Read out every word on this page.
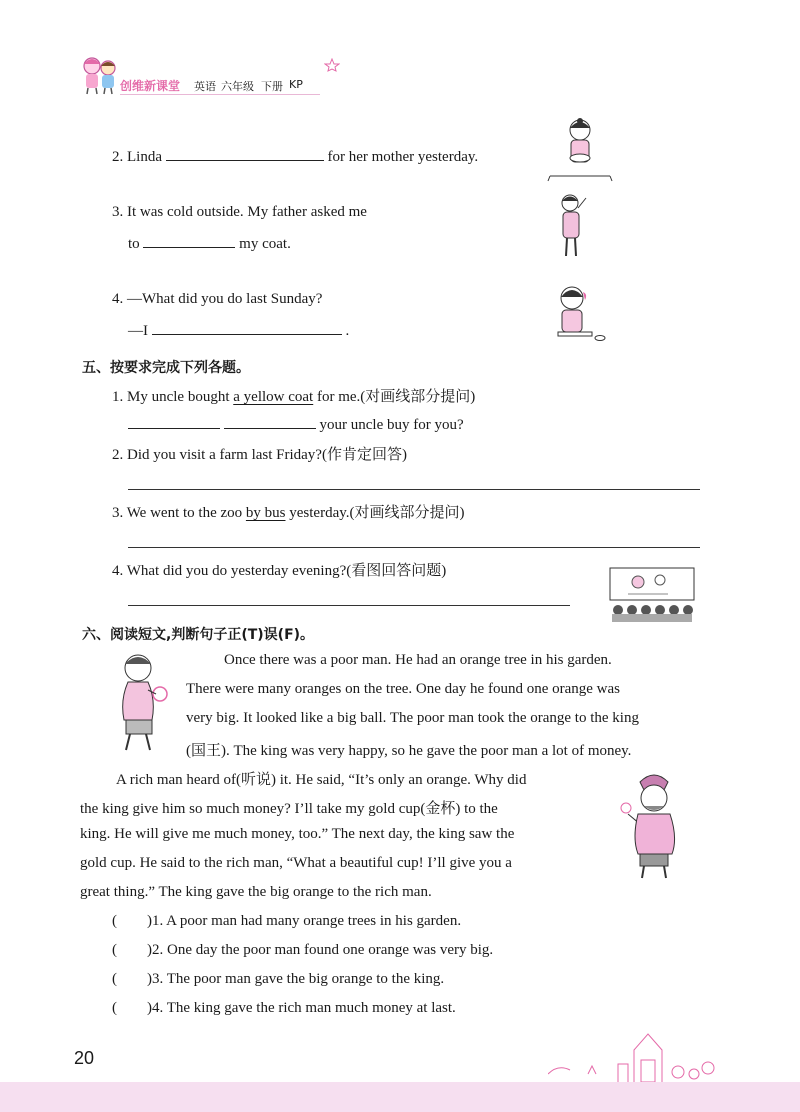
创维新课堂 英语 六年级 下册 KP
2. Linda	for her mother yesterday.
3. It was cold outside. My father asked me
to	my coat.
4. —What did you do last Sunday?
—I	.
五、按要求完成下列各题。
1. My uncle bought a yellow coat for me.(对画线部分提问)
your uncle buy for you?
2. Did you visit a farm last Friday?(作肯定回答)
3. We went to the zoo by bus yesterday.(对画线部分提问)
4. What did you do yesterday evening?(看图回答问题)
六、阅读短文,判断句子正(T)误(F)。
Once there was a poor man. He had an orange tree in his garden.
There were many oranges on the tree. One day he found one orange was
very big. It looked like a big ball. The poor man took the orange to the king
(国王). The king was very happy, so he gave the poor man a lot of money.
A rich man heard of(听说) it. He said, “It’s only an orange. Why did
the king give him so much money? I’ll take my gold cup(金杯) to the
king. He will give me much money, too.” The next day, the king saw the
gold cup. He said to the rich man, “What a beautiful cup! I’ll give you a
great thing.” The king gave the big orange to the rich man.
( )1. A poor man had many orange trees in his garden.
( )2. One day the poor man found one orange was very big.
( )3. The poor man gave the big orange to the king.
( )4. The king gave the rich man much money at last.
20
